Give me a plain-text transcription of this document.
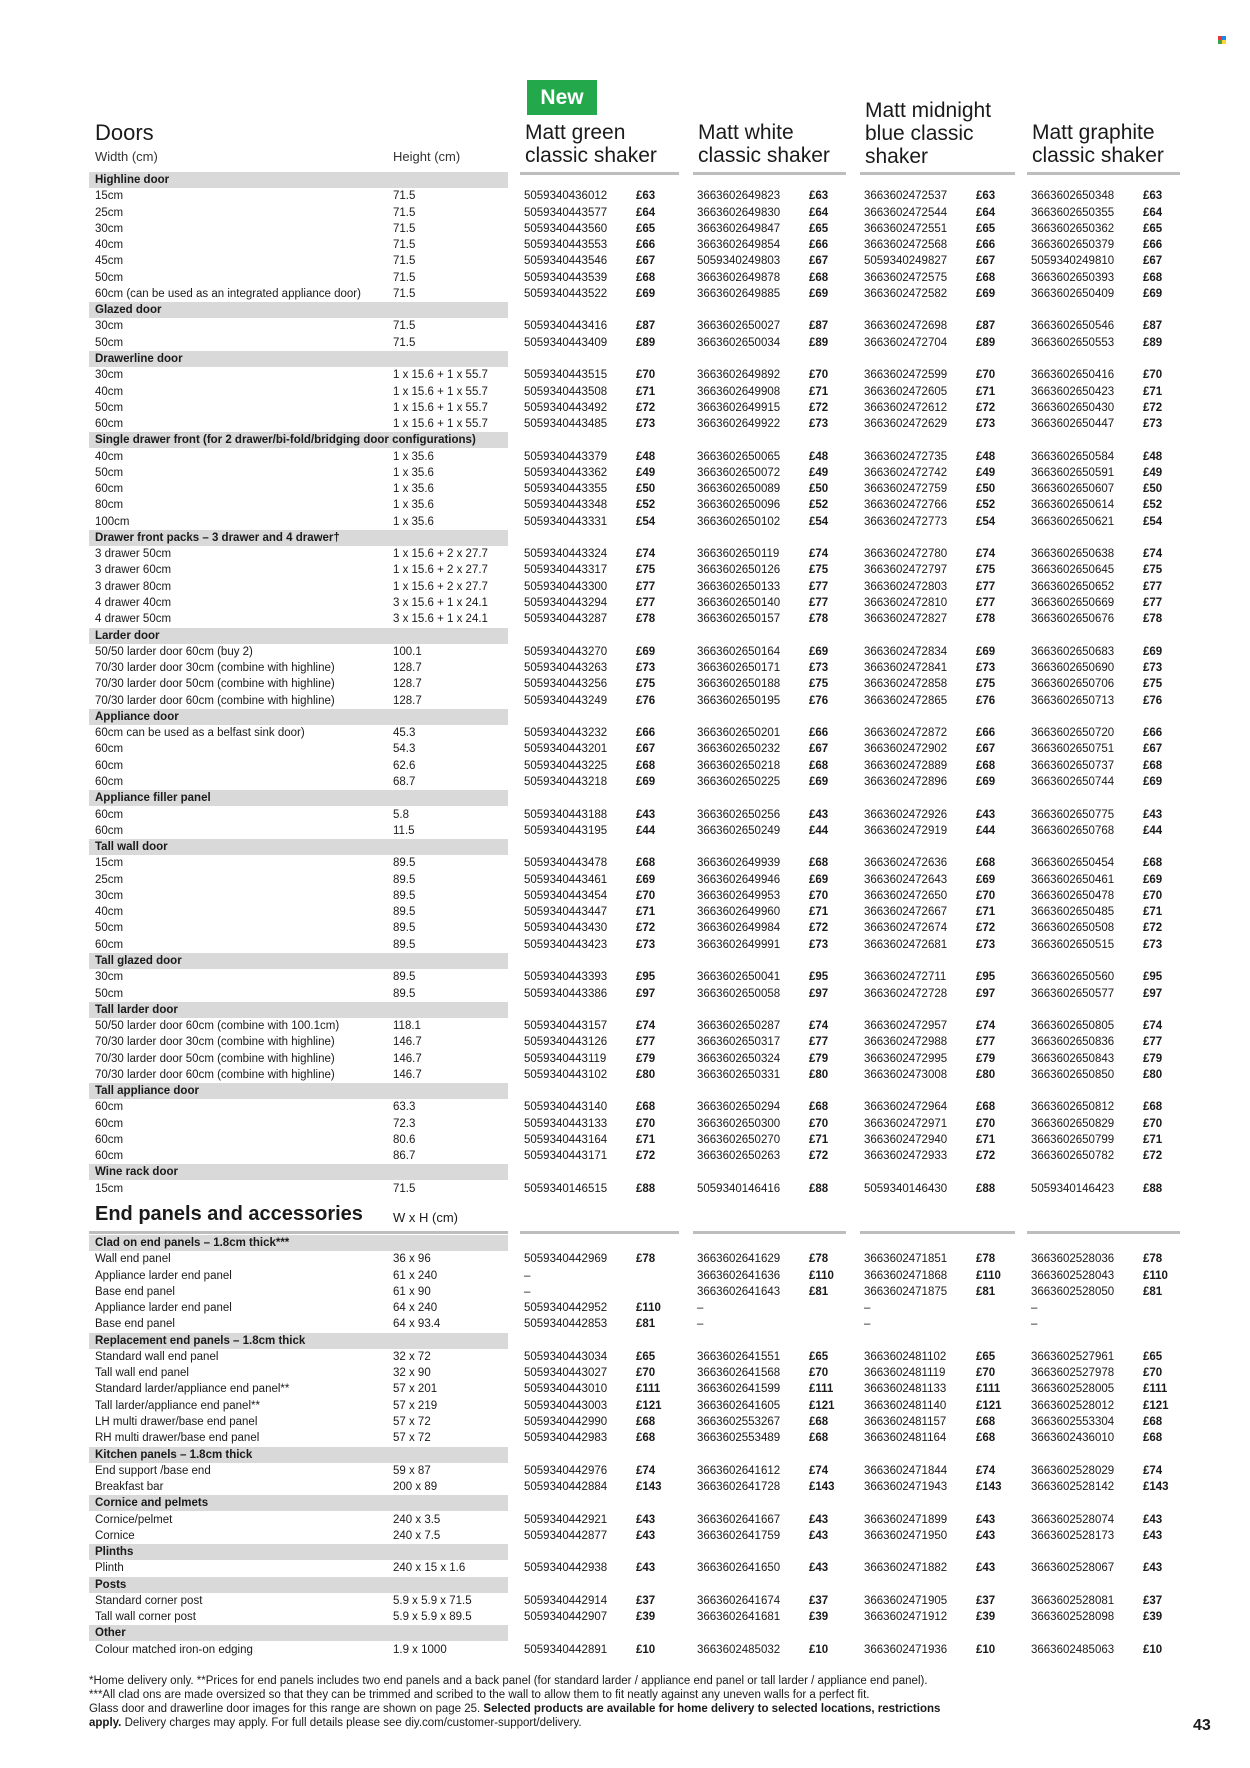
New
Doors
Width (cm)	Height (cm)
Matt green
classic shaker
Matt white
classic shaker
Matt midnight
blue classic
shaker
Matt graphite
classic shaker
End panels and accessories W x H (cm)
Highline door
15cm	71.5	5059340436012	£63	3663602649823	£63	3663602472537	£63	3663602650348	£63
25cm	71.5	5059340443577	£64	3663602649830	£64	3663602472544	£64	3663602650355	£64
30cm	71.5	5059340443560	£65	3663602649847	£65	3663602472551	£65	3663602650362	£65
40cm	71.5	5059340443553	£66	3663602649854	£66	3663602472568	£66	3663602650379	£66
45cm	71.5	5059340443546	£67	5059340249803	£67	5059340249827	£67	5059340249810	£67
50cm	71.5	5059340443539	£68	3663602649878	£68	3663602472575	£68	3663602650393	£68
60cm (can be used as an integrated appliance door)	71.5	5059340443522	£69	3663602649885	£69	3663602472582	£69	3663602650409	£69
Glazed door
30cm	71.5	5059340443416	£87	3663602650027	£87	3663602472698	£87	3663602650546	£87
50cm	71.5	5059340443409	£89	3663602650034	£89	3663602472704	£89	3663602650553	£89
Drawerline door
30cm	1 x 15.6 + 1 x 55.7	5059340443515	£70	3663602649892	£70	3663602472599	£70	3663602650416	£70
40cm	1 x 15.6 + 1 x 55.7	5059340443508	£71	3663602649908	£71	3663602472605	£71	3663602650423	£71
50cm	1 x 15.6 + 1 x 55.7	5059340443492	£72	3663602649915	£72	3663602472612	£72	3663602650430	£72
60cm	1 x 15.6 + 1 x 55.7	5059340443485	£73	3663602649922	£73	3663602472629	£73	3663602650447	£73
Single drawer front (for 2 drawer/bi-fold/bridging door configurations)
40cm	1 x 35.6	5059340443379	£48	3663602650065	£48	3663602472735	£48	3663602650584	£48
50cm	1 x 35.6	5059340443362	£49	3663602650072	£49	3663602472742	£49	3663602650591	£49
60cm	1 x 35.6	5059340443355	£50	3663602650089	£50	3663602472759	£50	3663602650607	£50
80cm	1 x 35.6	5059340443348	£52	3663602650096	£52	3663602472766	£52	3663602650614	£52
100cm	1 x 35.6	5059340443331	£54	3663602650102	£54	3663602472773	£54	3663602650621	£54
Drawer front packs – 3 drawer and 4 drawer†
3 drawer 50cm	1 x 15.6 + 2 x 27.7	5059340443324	£74	3663602650119	£74	3663602472780	£74	3663602650638	£74
3 drawer 60cm	1 x 15.6 + 2 x 27.7	5059340443317	£75	3663602650126	£75	3663602472797	£75	3663602650645	£75
3 drawer 80cm	1 x 15.6 + 2 x 27.7	5059340443300	£77	3663602650133	£77	3663602472803	£77	3663602650652	£77
4 drawer 40cm	3 x 15.6 + 1 x 24.1	5059340443294	£77	3663602650140	£77	3663602472810	£77	3663602650669	£77
4 drawer 50cm	3 x 15.6 + 1 x 24.1	5059340443287	£78	3663602650157	£78	3663602472827	£78	3663602650676	£78
Larder door
50/50 larder door 60cm (buy 2)	100.1	5059340443270	£69	3663602650164	£69	3663602472834	£69	3663602650683	£69
70/30 larder door 30cm (combine with highline)	128.7	5059340443263	£73	3663602650171	£73	3663602472841	£73	3663602650690	£73
70/30 larder door 50cm (combine with highline)	128.7	5059340443256	£75	3663602650188	£75	3663602472858	£75	3663602650706	£75
70/30 larder door 60cm (combine with highline)	128.7	5059340443249	£76	3663602650195	£76	3663602472865	£76	3663602650713	£76
Appliance door
60cm can be used as a belfast sink door)	45.3	5059340443232	£66	3663602650201	£66	3663602472872	£66	3663602650720	£66
60cm	54.3	5059340443201	£67	3663602650232	£67	3663602472902	£67	3663602650751	£67
60cm	62.6	5059340443225	£68	3663602650218	£68	3663602472889	£68	3663602650737	£68
60cm	68.7	5059340443218	£69	3663602650225	£69	3663602472896	£69	3663602650744	£69
Appliance filler panel
60cm	5.8	5059340443188	£43	3663602650256	£43	3663602472926	£43	3663602650775	£43
60cm	11.5	5059340443195	£44	3663602650249	£44	3663602472919	£44	3663602650768	£44
Tall wall door
15cm	89.5	5059340443478	£68	3663602649939	£68	3663602472636	£68	3663602650454	£68
25cm	89.5	5059340443461	£69	3663602649946	£69	3663602472643	£69	3663602650461	£69
30cm	89.5	5059340443454	£70	3663602649953	£70	3663602472650	£70	3663602650478	£70
40cm	89.5	5059340443447	£71	3663602649960	£71	3663602472667	£71	3663602650485	£71
50cm	89.5	5059340443430	£72	3663602649984	£72	3663602472674	£72	3663602650508	£72
60cm	89.5	5059340443423	£73	3663602649991	£73	3663602472681	£73	3663602650515	£73
Tall glazed door
30cm	89.5	5059340443393	£95	3663602650041	£95	3663602472711	£95	3663602650560	£95
50cm	89.5	5059340443386	£97	3663602650058	£97	3663602472728	£97	3663602650577	£97
Tall larder door
50/50 larder door 60cm (combine with 100.1cm)	118.1	5059340443157	£74	3663602650287	£74	3663602472957	£74	3663602650805	£74
70/30 larder door 30cm (combine with highline)	146.7	5059340443126	£77	3663602650317	£77	3663602472988	£77	3663602650836	£77
70/30 larder door 50cm (combine with highline)	146.7	5059340443119	£79	3663602650324	£79	3663602472995	£79	3663602650843	£79
70/30 larder door 60cm (combine with highline)	146.7	5059340443102	£80	3663602650331	£80	3663602473008	£80	3663602650850	£80
Tall appliance door
60cm	63.3	5059340443140	£68	3663602650294	£68	3663602472964	£68	3663602650812	£68
60cm	72.3	5059340443133	£70	3663602650300	£70	3663602472971	£70	3663602650829	£70
60cm	80.6	5059340443164	£71	3663602650270	£71	3663602472940	£71	3663602650799	£71
60cm	86.7	5059340443171	£72	3663602650263	£72	3663602472933	£72	3663602650782	£72
Wine rack door
15cm	71.5	5059340146515	£88	5059340146416	£88	5059340146430	£88	5059340146423	£88
Clad on end panels – 1.8cm thick***
Wall end panel	36 x 96	5059340442969	£78	3663602641629	£78	3663602471851	£78	3663602528036	£78
Appliance larder end panel	61 x 240	–	3663602641636	£110	3663602471868	£110	3663602528043	£110
Base end panel	61 x 90	–	3663602641643	£81	3663602471875	£81	3663602528050	£81
Appliance larder end panel	64 x 240	5059340442952	£110	–	–	–
Base end panel	64 x 93.4	5059340442853	£81	–	–	–
Replacement end panels – 1.8cm thick
Standard wall end panel	32 x 72	5059340443034	£65	3663602641551	£65	3663602481102	£65	3663602527961	£65
Tall wall end panel	32 x 90	5059340443027	£70	3663602641568	£70	3663602481119	£70	3663602527978	£70
Standard larder/appliance end panel**	57 x 201	5059340443010	£111	3663602641599	£111	3663602481133	£111	3663602528005	£111
Tall larder/appliance end panel**	57 x 219	5059340443003	£121	3663602641605	£121	3663602481140	£121	3663602528012	£121
LH multi drawer/base end panel	57 x 72	5059340442990	£68	3663602553267	£68	3663602481157	£68	3663602553304	£68
RH multi drawer/base end panel	57 x 72	5059340442983	£68	3663602553489	£68	3663602481164	£68	3663602436010	£68
Kitchen panels – 1.8cm thick
End support /base end	59 x 87	5059340442976	£74	3663602641612	£74	3663602471844	£74	3663602528029	£74
Breakfast bar	200 x 89	5059340442884	£143	3663602641728	£143	3663602471943	£143	3663602528142	£143
Cornice and pelmets
Cornice/pelmet	240 x 3.5	5059340442921	£43	3663602641667	£43	3663602471899	£43	3663602528074	£43
Cornice	240 x 7.5	5059340442877	£43	3663602641759	£43	3663602471950	£43	3663602528173	£43
Plinths
Plinth	240 x 15 x 1.6	5059340442938	£43	3663602641650	£43	3663602471882	£43	3663602528067	£43
Posts
Standard corner post	5.9 x 5.9 x 71.5	5059340442914	£37	3663602641674	£37	3663602471905	£37	3663602528081	£37
Tall wall corner post	5.9 x 5.9 x 89.5	5059340442907	£39	3663602641681	£39	3663602471912	£39	3663602528098	£39
Other
Colour matched iron-on edging	1.9 x 1000	5059340442891	£10	3663602485032	£10	3663602471936	£10	3663602485063	£10
*Home delivery only. **Prices for end panels includes two end panels and a back panel (for standard larder / appliance end panel or tall larder / appliance end panel).
***All clad ons are made oversized so that they can be trimmed and scribed to the wall to allow them to fit neatly against any uneven walls for a perfect fit.
Glass door and drawerline door images for this range are shown on page 25. Selected products are available for home delivery to selected locations, restrictions
apply. Delivery charges may apply. For full details please see diy.com/customer-support/delivery.	43
